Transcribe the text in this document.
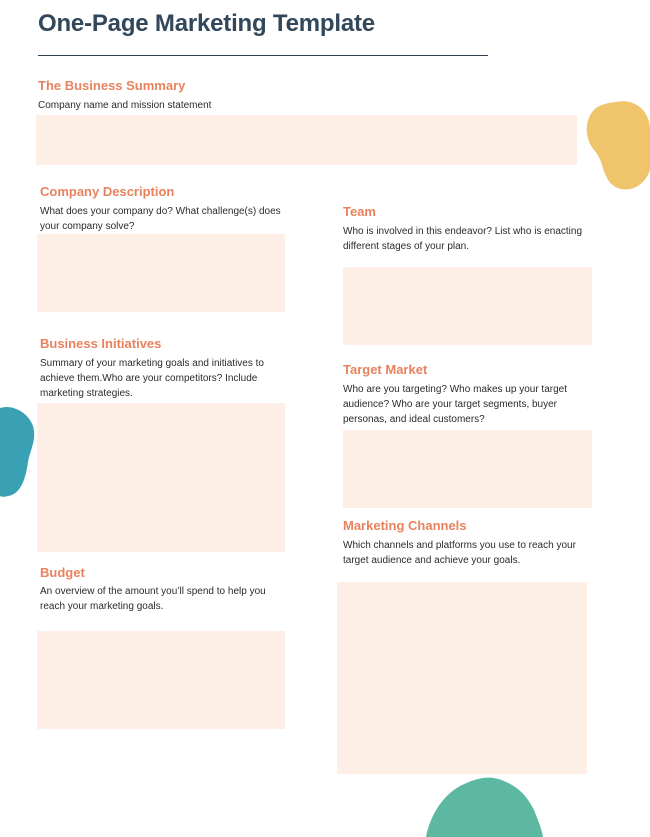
One-Page Marketing Template
The Business Summary
Company name and mission statement
Company Description
What does your company do? What challenge(s) does your company solve?
Team
Who is involved in this endeavor? List who is enacting different stages of your plan.
Business Initiatives
Summary of your marketing goals and initiatives to achieve them.Who are your competitors? Include marketing strategies.
Target Market
Who are you targeting? Who makes up your target audience? Who are your target segments, buyer personas, and ideal customers?
Marketing Channels
Which channels and platforms you use to reach your target audience and achieve your goals.
Budget
An overview of the amount you’ll spend to help you reach your marketing goals.
